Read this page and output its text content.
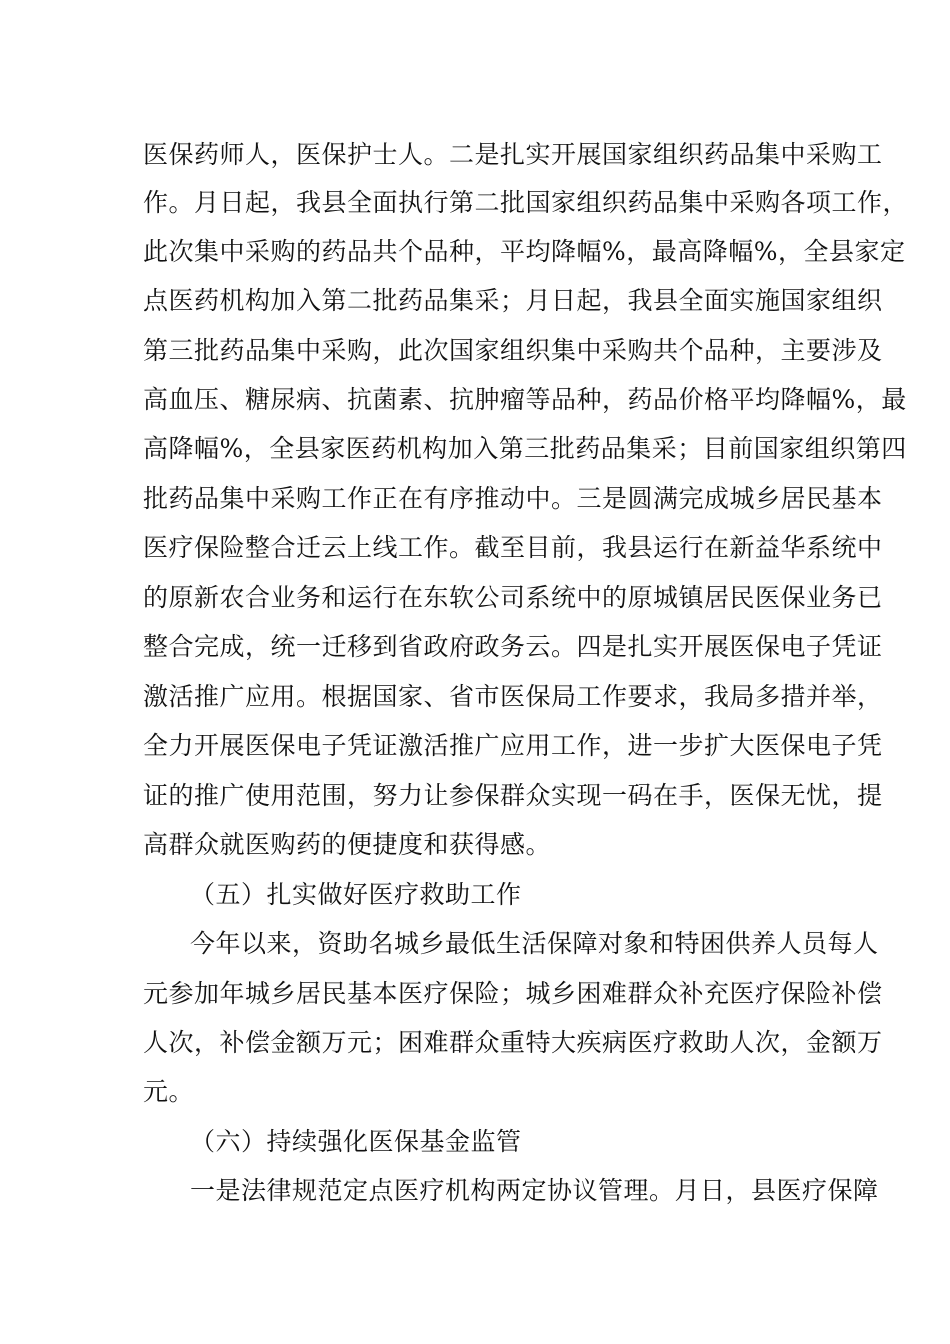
医保药师人，医保护士人。二是扎实开展国家组织药品集中采购工
作。月日起，我县全面执行第二批国家组织药品集中采购各项工作，
此次集中采购的药品共个品种，平均降幅%，最高降幅%，全县家定
点医药机构加入第二批药品集采；月日起，我县全面实施国家组织
第三批药品集中采购，此次国家组织集中采购共个品种，主要涉及
高血压、糖尿病、抗菌素、抗肿瘤等品种，药品价格平均降幅%，最
高降幅%，全县家医药机构加入第三批药品集采；目前国家组织第四
批药品集中采购工作正在有序推动中。三是圆满完成城乡居民基本
医疗保险整合迁云上线工作。截至目前，我县运行在新益华系统中
的原新农合业务和运行在东软公司系统中的原城镇居民医保业务已
整合完成，统一迁移到省政府政务云。四是扎实开展医保电子凭证
激活推广应用。根据国家、省市医保局工作要求，我局多措并举，
全力开展医保电子凭证激活推广应用工作，进一步扩大医保电子凭
证的推广使用范围，努力让参保群众实现一码在手，医保无忧，提
高群众就医购药的便捷度和获得感。
（五）扎实做好医疗救助工作
今年以来，资助名城乡最低生活保障对象和特困供养人员每人
元参加年城乡居民基本医疗保险；城乡困难群众补充医疗保险补偿
人次，补偿金额万元；困难群众重特大疾病医疗救助人次，金额万
元。
（六）持续强化医保基金监管
一是法律规范定点医疗机构两定协议管理。月日，县医疗保障
